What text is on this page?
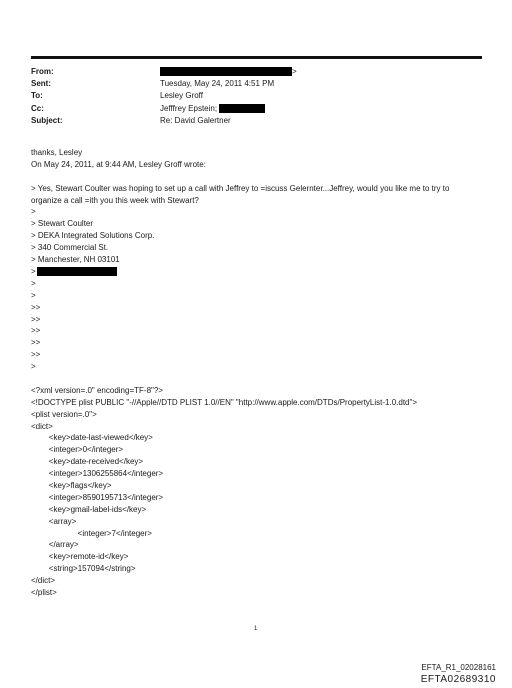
From:	>
Sent:	Tuesday, May 24, 2011 4:51 PM
To:	Lesley Groff
Cc:	Jefffrey Epstein;
Subject:	Re: David Galertner
thanks, Lesley
On May 24, 2011, at 9:44 AM, Lesley Groff wrote:
> Yes, Stewart Coulter was hoping to set up a call with Jeffrey to =iscuss Gelernter...Jeffrey, would you like me to try to organize a call =ith you this week with Stewart?
>
> Stewart Coulter
> DEKA Integrated Solutions Corp.
> 340 Commercial St.
> Manchester, NH 03101
>
>
>
>>
>>
>>
>>
>>
>
<?xml version=.0" encoding=TF-8"?>
<!DOCTYPE plist PUBLIC "-//Apple//DTD PLIST 1.0//EN" "http://www.apple.com/DTDs/PropertyList-1.0.dtd">
<plist version=.0">
<dict>
<key>date-last-viewed</key>
<integer>0</integer>
<key>date-received</key>
<integer>1306255864</integer>
<key>flags</key>
<integer>8590195713</integer>
<key>gmail-label-ids</key>
<array>
<integer>7</integer>
</array>
<key>remote-id</key>
<string>157094</string>
</dict>
</plist>
1
EFTA_R1_02028161
EFTA02689310
